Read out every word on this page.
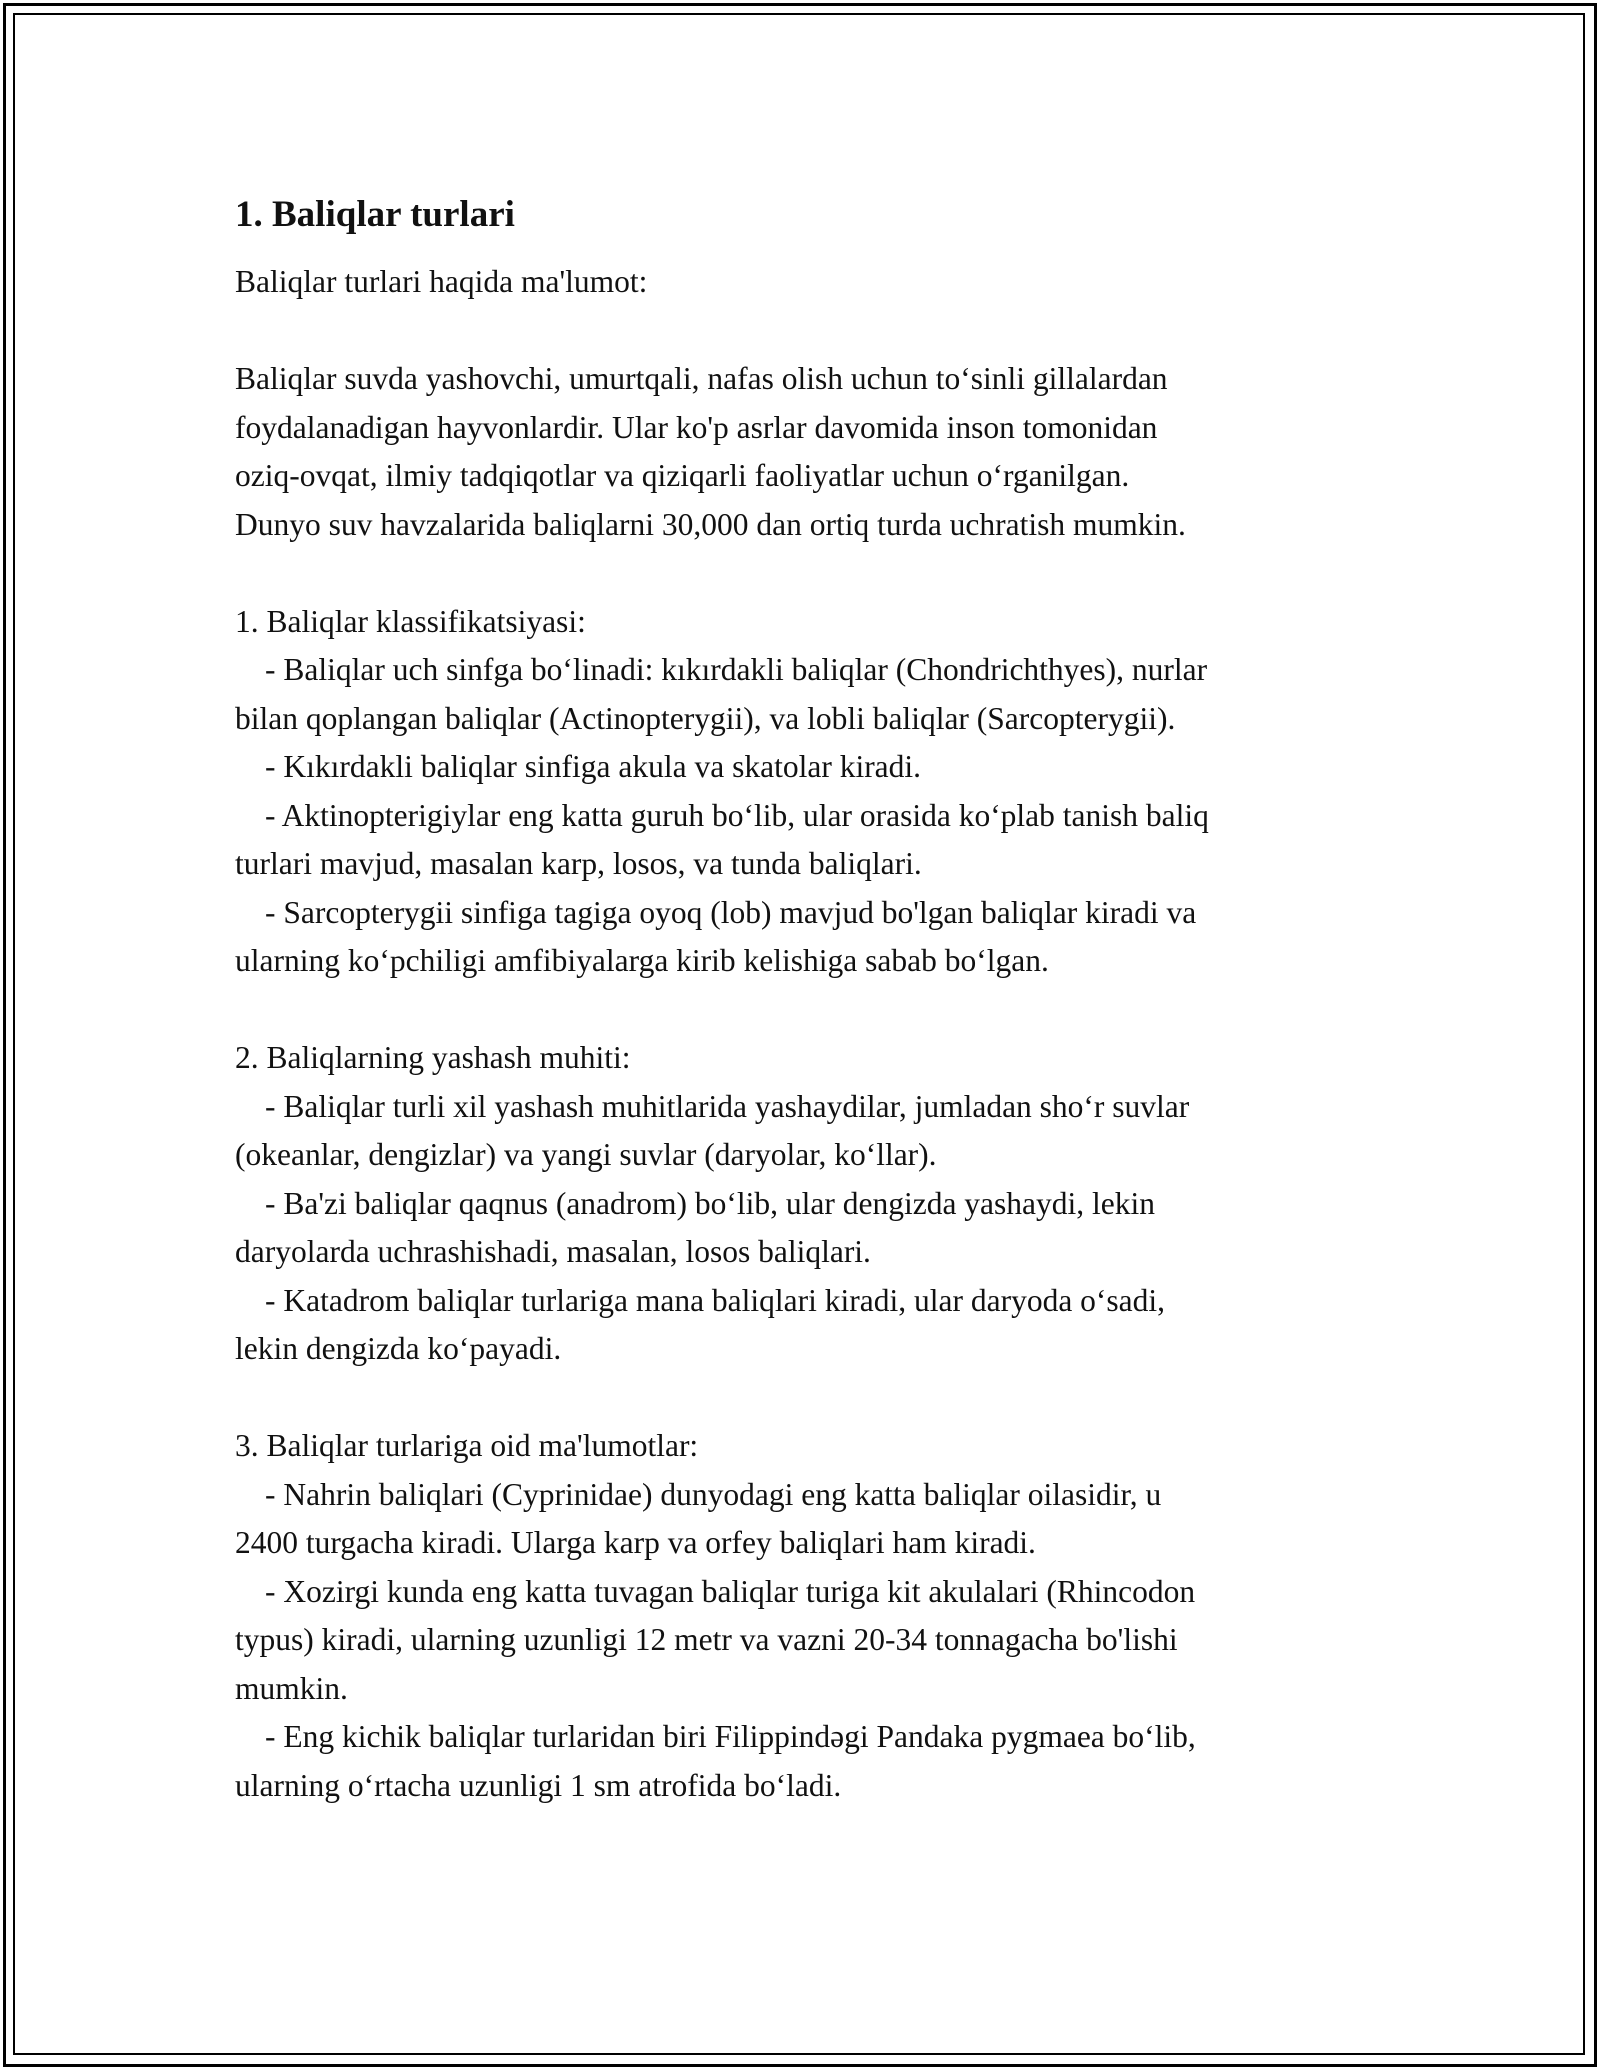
1. Baliqlar turlari

Baliqlar turlari haqida ma'lumot:

Baliqlar suvda yashovchi, umurtqali, nafas olish uchun to‘sinli gillalardan
foydalanadigan hayvonlardir. Ular ko'p asrlar davomida inson tomonidan
oziq-ovqat, ilmiy tadqiqotlar va qiziqarli faoliyatlar uchun o‘rganilgan.
Dunyo suv havzalarida baliqlarni 30,000 dan ortiq turda uchratish mumkin.
1. Baliqlar klassifikatsiyasi:
- Baliqlar uch sinfga bo‘linadi: kıkırdakli baliqlar (Chondrichthyes), nurlar
bilan qoplangan baliqlar (Actinopterygii), va lobli baliqlar (Sarcopterygii).
- Kıkırdakli baliqlar sinfiga akula va skatolar kiradi.
- Aktinopterigiylar eng katta guruh bo‘lib, ular orasida ko‘plab tanish baliq
turlari mavjud, masalan karp, losos, va tunda baliqlari.
- Sarcopterygii sinfiga tagiga oyoq (lob) mavjud bo'lgan baliqlar kiradi va
ularning ko‘pchiligi amfibiyalarga kirib kelishiga sabab bo‘lgan.
2. Baliqlarning yashash muhiti:
- Baliqlar turli xil yashash muhitlarida yashaydilar, jumladan sho‘r suvlar
(okeanlar, dengizlar) va yangi suvlar (daryolar, ko‘llar).
- Ba'zi baliqlar qaqnus (anadrom) bo‘lib, ular dengizda yashaydi, lekin
daryolarda uchrashishadi, masalan, losos baliqlari.
- Katadrom baliqlar turlariga mana baliqlari kiradi, ular daryoda o‘sadi,
lekin dengizda ko‘payadi.
3. Baliqlar turlariga oid ma'lumotlar:
- Nahrin baliqlari (Cyprinidae) dunyodagi eng katta baliqlar oilasidir, u
2400 turgacha kiradi. Ularga karp va orfey baliqlari ham kiradi.
- Xozirgi kunda eng katta tuvagan baliqlar turiga kit akulalari (Rhincodon
typus) kiradi, ularning uzunligi 12 metr va vazni 20-34 tonnagacha bo'lishi
mumkin.
- Eng kichik baliqlar turlaridan biri Filippindəgi Pandaka pygmaea bo‘lib,
ularning o‘rtacha uzunligi 1 sm atrofida bo‘ladi.
